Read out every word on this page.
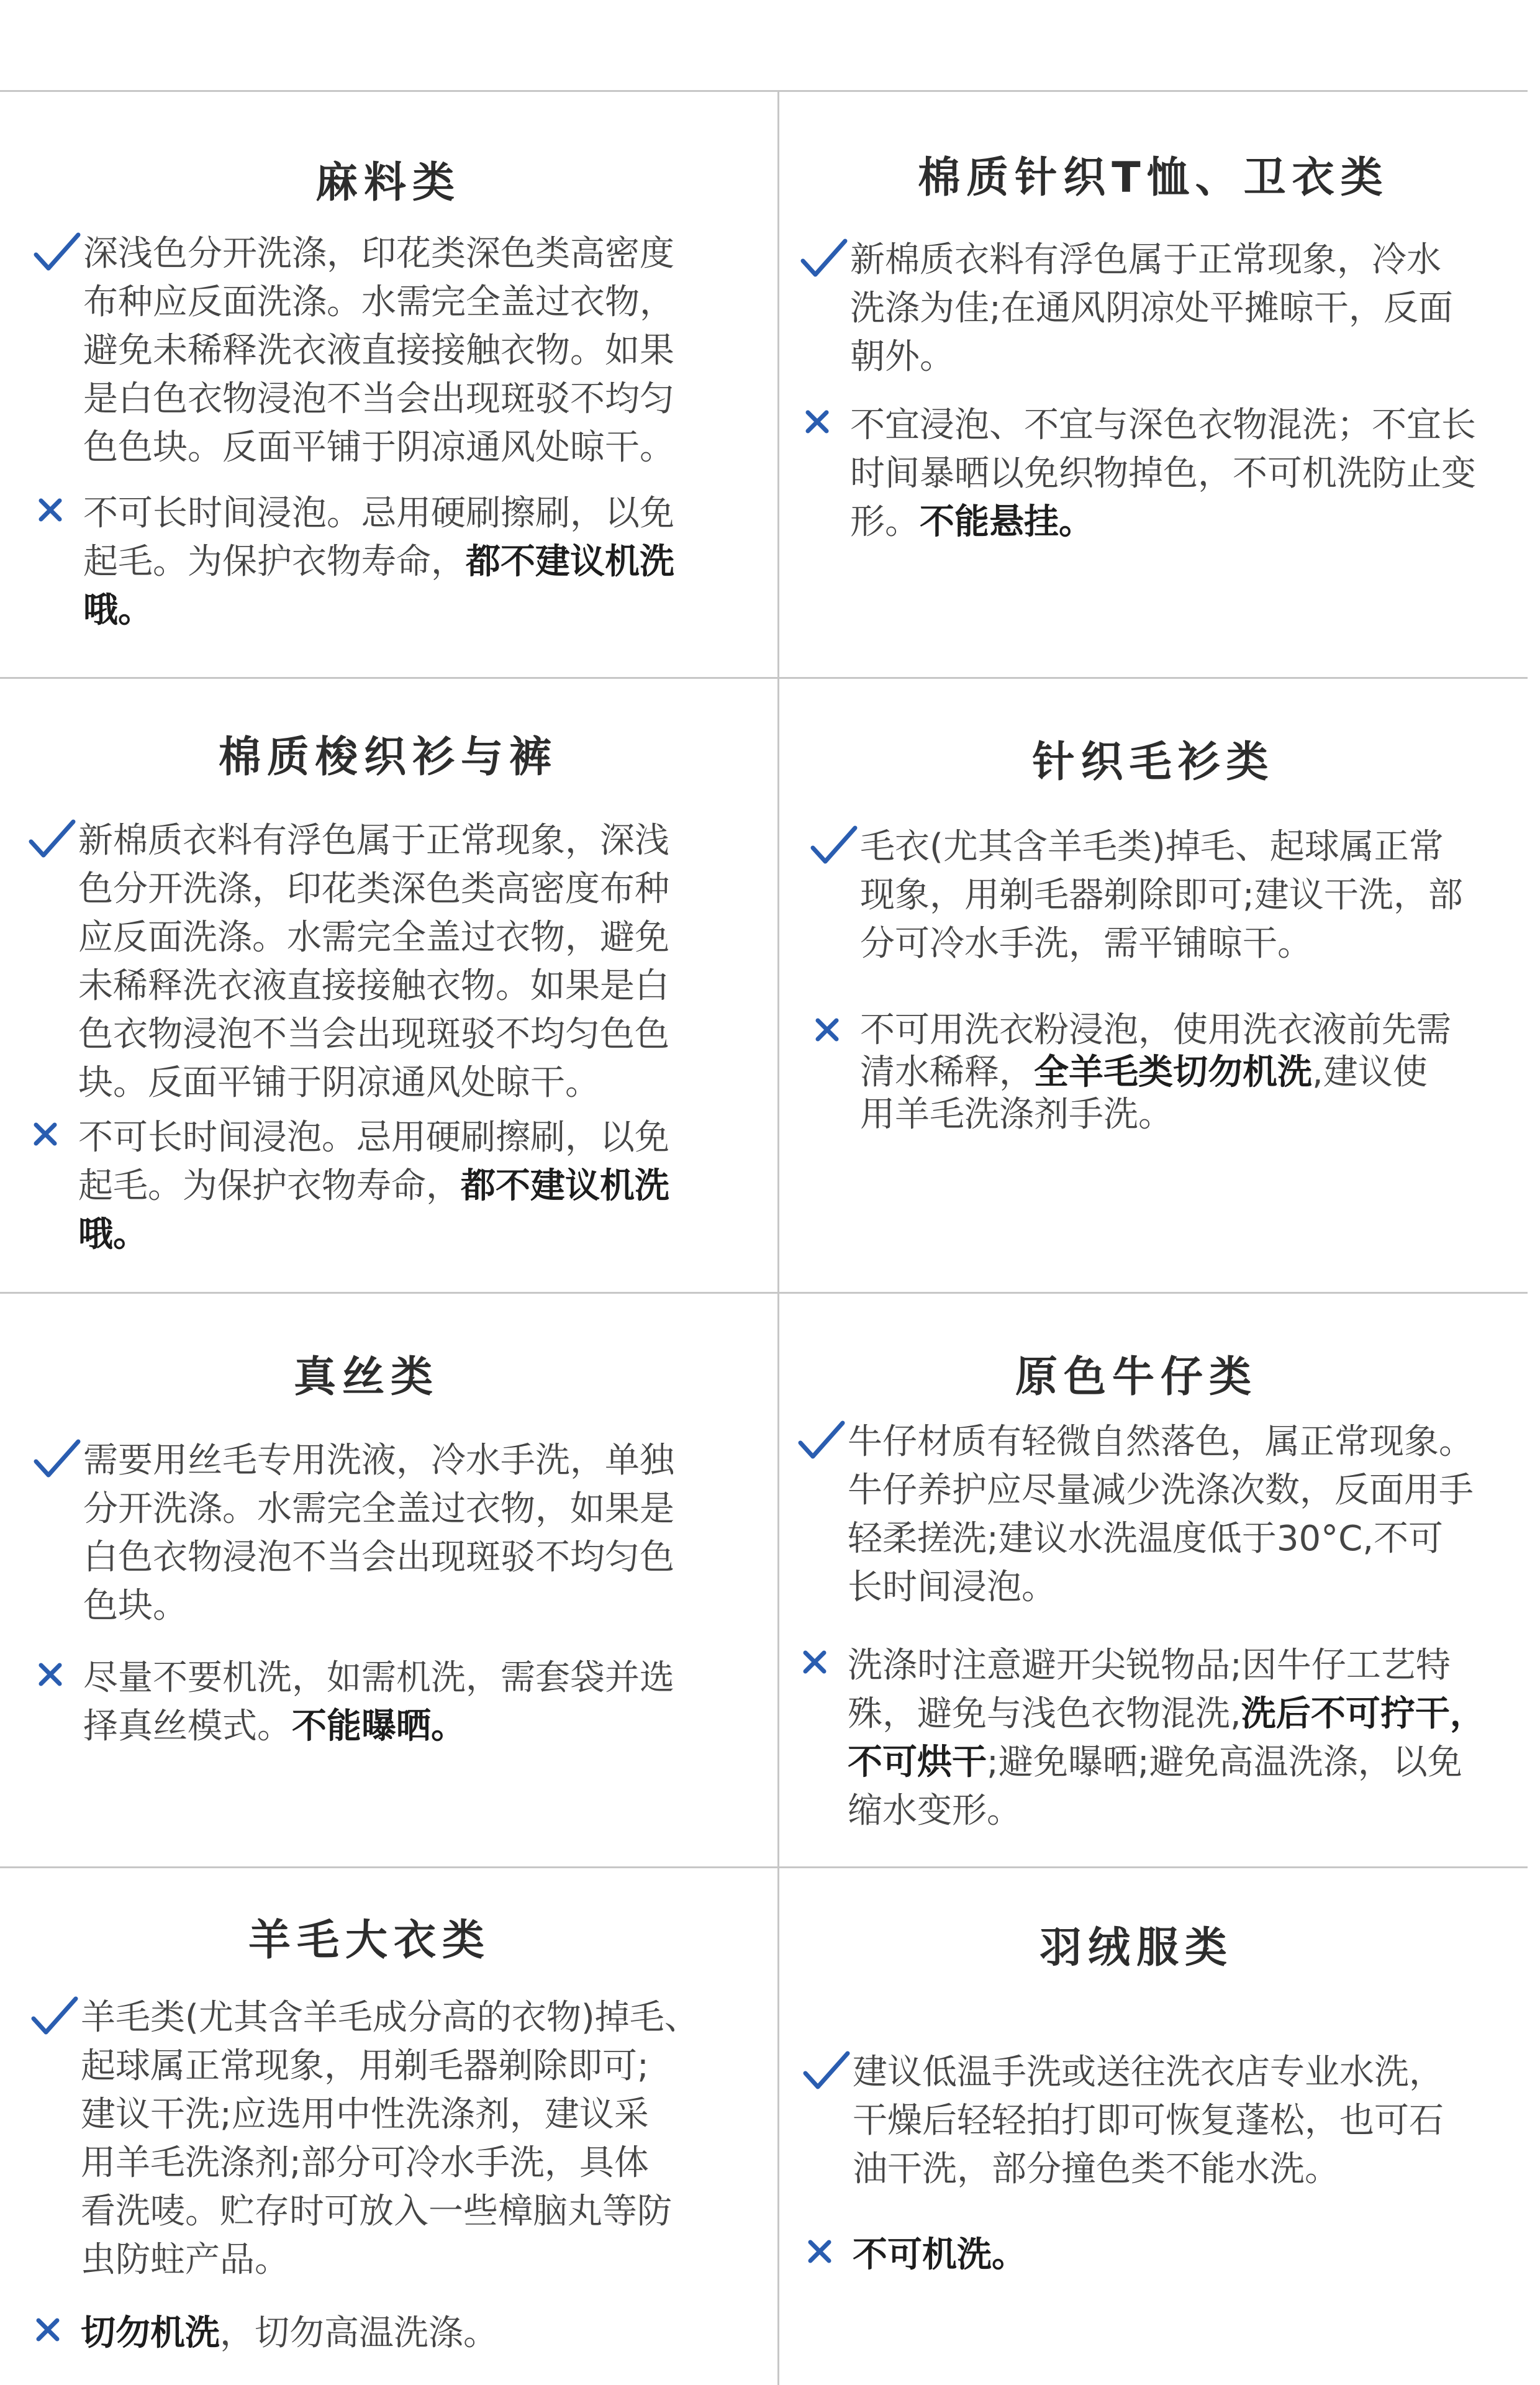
麻料类
深浅色分开洗涤，印花类深色类高密度
布种应反面洗涤。水需完全盖过衣物，
避免未稀释洗衣液直接接触衣物。如果
是白色衣物浸泡不当会出现斑驳不均匀
色色块。反面平铺于阴凉通风处晾干。
不可长时间浸泡。忌用硬刷擦刷，以免
起毛。为保护衣物寿命，都不建议机洗
哦。
棉质针织T恤、卫衣类
新棉质衣料有浮色属于正常现象，冷水
洗涤为佳;在通风阴凉处平摊晾干，反面
朝外。
不宜浸泡、不宜与深色衣物混洗；不宜长
时间暴晒以免织物掉色，不可机洗防止变
形。不能悬挂。
棉质梭织衫与裤
新棉质衣料有浮色属于正常现象，深浅
色分开洗涤，印花类深色类高密度布种
应反面洗涤。水需完全盖过衣物，避免
未稀释洗衣液直接接触衣物。如果是白
色衣物浸泡不当会出现斑驳不均匀色色
块。反面平铺于阴凉通风处晾干。
不可长时间浸泡。忌用硬刷擦刷，以免
起毛。为保护衣物寿命，都不建议机洗
哦。
针织毛衫类
毛衣(尤其含羊毛类)掉毛、起球属正常
现象，用剃毛器剃除即可;建议干洗，部
分可冷水手洗，需平铺晾干。
不可用洗衣粉浸泡，使用洗衣液前先需
清水稀释，全羊毛类切勿机洗,建议使
用羊毛洗涤剂手洗。
真丝类
需要用丝毛专用洗液，冷水手洗，单独
分开洗涤。水需完全盖过衣物，如果是
白色衣物浸泡不当会出现斑驳不均匀色
色块。
尽量不要机洗，如需机洗，需套袋并选
择真丝模式。不能曝晒。
原色牛仔类
牛仔材质有轻微自然落色，属正常现象。
牛仔养护应尽量减少洗涤次数，反面用手
轻柔搓洗;建议水洗温度低于30°C,不可
长时间浸泡。
洗涤时注意避开尖锐物品;因牛仔工艺特
殊，避免与浅色衣物混洗,洗后不可拧干，
不可烘干;避免曝晒;避免高温洗涤，以免
缩水变形。
羊毛大衣类
羊毛类(尤其含羊毛成分高的衣物)掉毛、
起球属正常现象，用剃毛器剃除即可;
建议干洗;应选用中性洗涤剂，建议采
用羊毛洗涤剂;部分可冷水手洗，具体
看洗唛。贮存时可放入一些樟脑丸等防
虫防蛀产品。
切勿机洗，切勿高温洗涤。
羽绒服类
建议低温手洗或送往洗衣店专业水洗，
干燥后轻轻拍打即可恢复蓬松，也可石
油干洗，部分撞色类不能水洗。
不可机洗。
